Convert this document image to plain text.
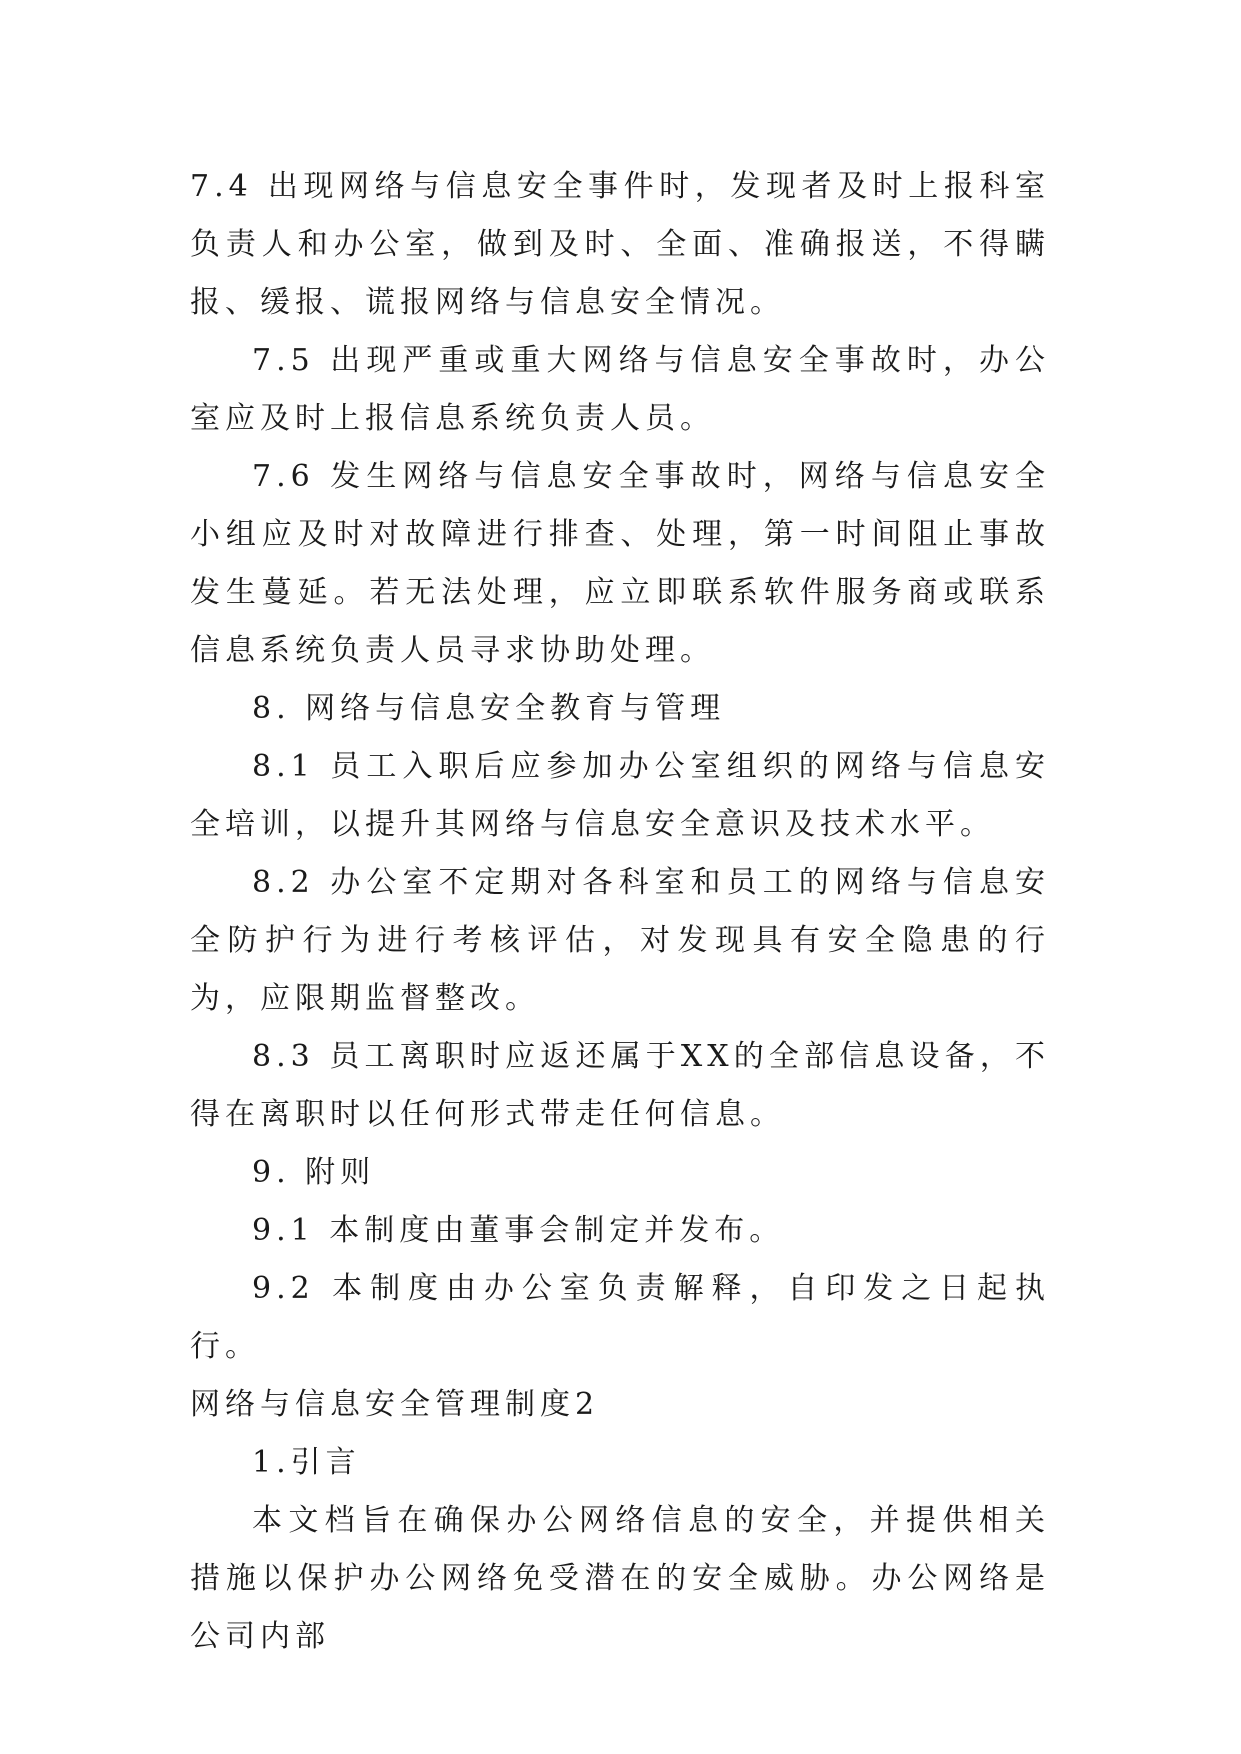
7.4 出现网络与信息安全事件时，发现者及时上报科室负责人和办公室，做到及时、全面、准确报送，不得瞒报、缓报、谎报网络与信息安全情况。

7.5 出现严重或重大网络与信息安全事故时，办公室应及时上报信息系统负责人员。

7.6 发生网络与信息安全事故时，网络与信息安全小组应及时对故障进行排查、处理，第一时间阻止事故发生蔓延。若无法处理，应立即联系软件服务商或联系信息系统负责人员寻求协助处理。

8. 网络与信息安全教育与管理

8.1 员工入职后应参加办公室组织的网络与信息安全培训，以提升其网络与信息安全意识及技术水平。

8.2 办公室不定期对各科室和员工的网络与信息安全防护行为进行考核评估，对发现具有安全隐患的行为，应限期监督整改。

8.3 员工离职时应返还属于XX的全部信息设备，不得在离职时以任何形式带走任何信息。

9. 附则

9.1 本制度由董事会制定并发布。

9.2 本制度由办公室负责解释，自印发之日起执行。

网络与信息安全管理制度2

1.引言

本文档旨在确保办公网络信息的安全，并提供相关措施以保护办公网络免受潜在的安全威胁。办公网络是公司内部
